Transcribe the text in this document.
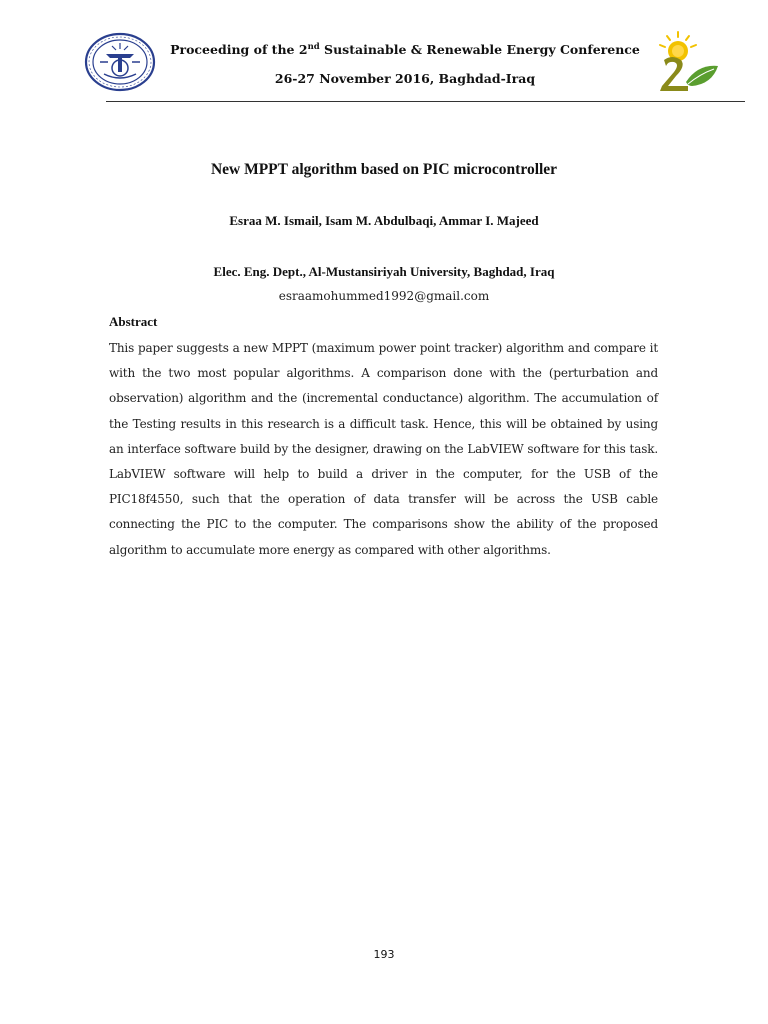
Proceeding of the 2nd Sustainable & Renewable Energy Conference
26-27 November 2016, Baghdad-Iraq
New MPPT algorithm based on PIC microcontroller
Esraa M. Ismail, Isam M. Abdulbaqi, Ammar I. Majeed
Elec. Eng. Dept., Al-Mustansiriyah University, Baghdad, Iraq
esraamohummed1992@gmail.com
Abstract
This paper suggests a new MPPT (maximum power point tracker) algorithm and compare it with the two most popular algorithms. A comparison done with the (perturbation and observation) algorithm and the (incremental conductance) algorithm. The accumulation of the Testing results in this research is a difficult task. Hence, this will be obtained by using an interface software build by the designer, drawing on the LabVIEW software for this task. LabVIEW software will help to build a driver in the computer, for the USB of the PIC18f4550, such that the operation of data transfer will be across the USB cable connecting the PIC to the computer. The comparisons show the ability of the proposed algorithm to accumulate more energy as compared with other algorithms.
193
